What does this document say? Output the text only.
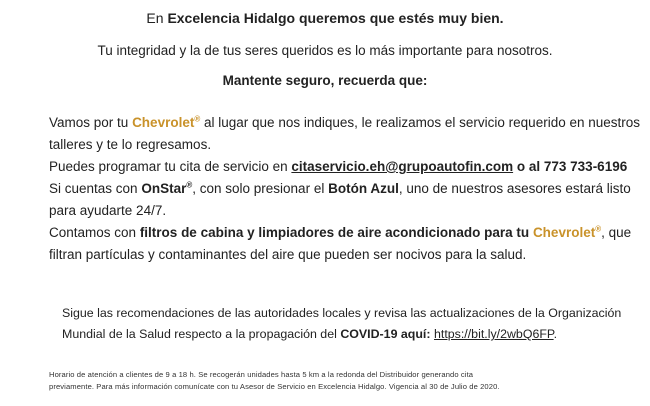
En Excelencia Hidalgo queremos que estés muy bien.
Tu integridad y la de tus seres queridos es lo más importante para nosotros.
Mantente seguro, recuerda que:
Vamos por tu Chevrolet® al lugar que nos indiques, le realizamos el servicio requerido en nuestros
talleres y te lo regresamos.
Puedes programar tu cita de servicio en citaservicio.eh@grupoautofin.com o al 773 733-6196
Si cuentas con OnStar®, con solo presionar el Botón Azul, uno de nuestros asesores estará listo
para ayudarte 24/7.
Contamos con filtros de cabina y limpiadores de aire acondicionado para tu Chevrolet®, que
filtran partículas y contaminantes del aire que pueden ser nocivos para la salud.
Sigue las recomendaciones de las autoridades locales y revisa las actualizaciones de la Organización
Mundial de la Salud respecto a la propagación del COVID-19 aquí: https://bit.ly/2wbQ6FP.
Horario de atención a clientes de 9 a 18 h. Se recogerán unidades hasta 5 km a la redonda del Distribuidor generando cita
previamente. Para más información comunícate con tu Asesor de Servicio en Excelencia Hidalgo. Vigencia al 30 de Julio de 2020.
